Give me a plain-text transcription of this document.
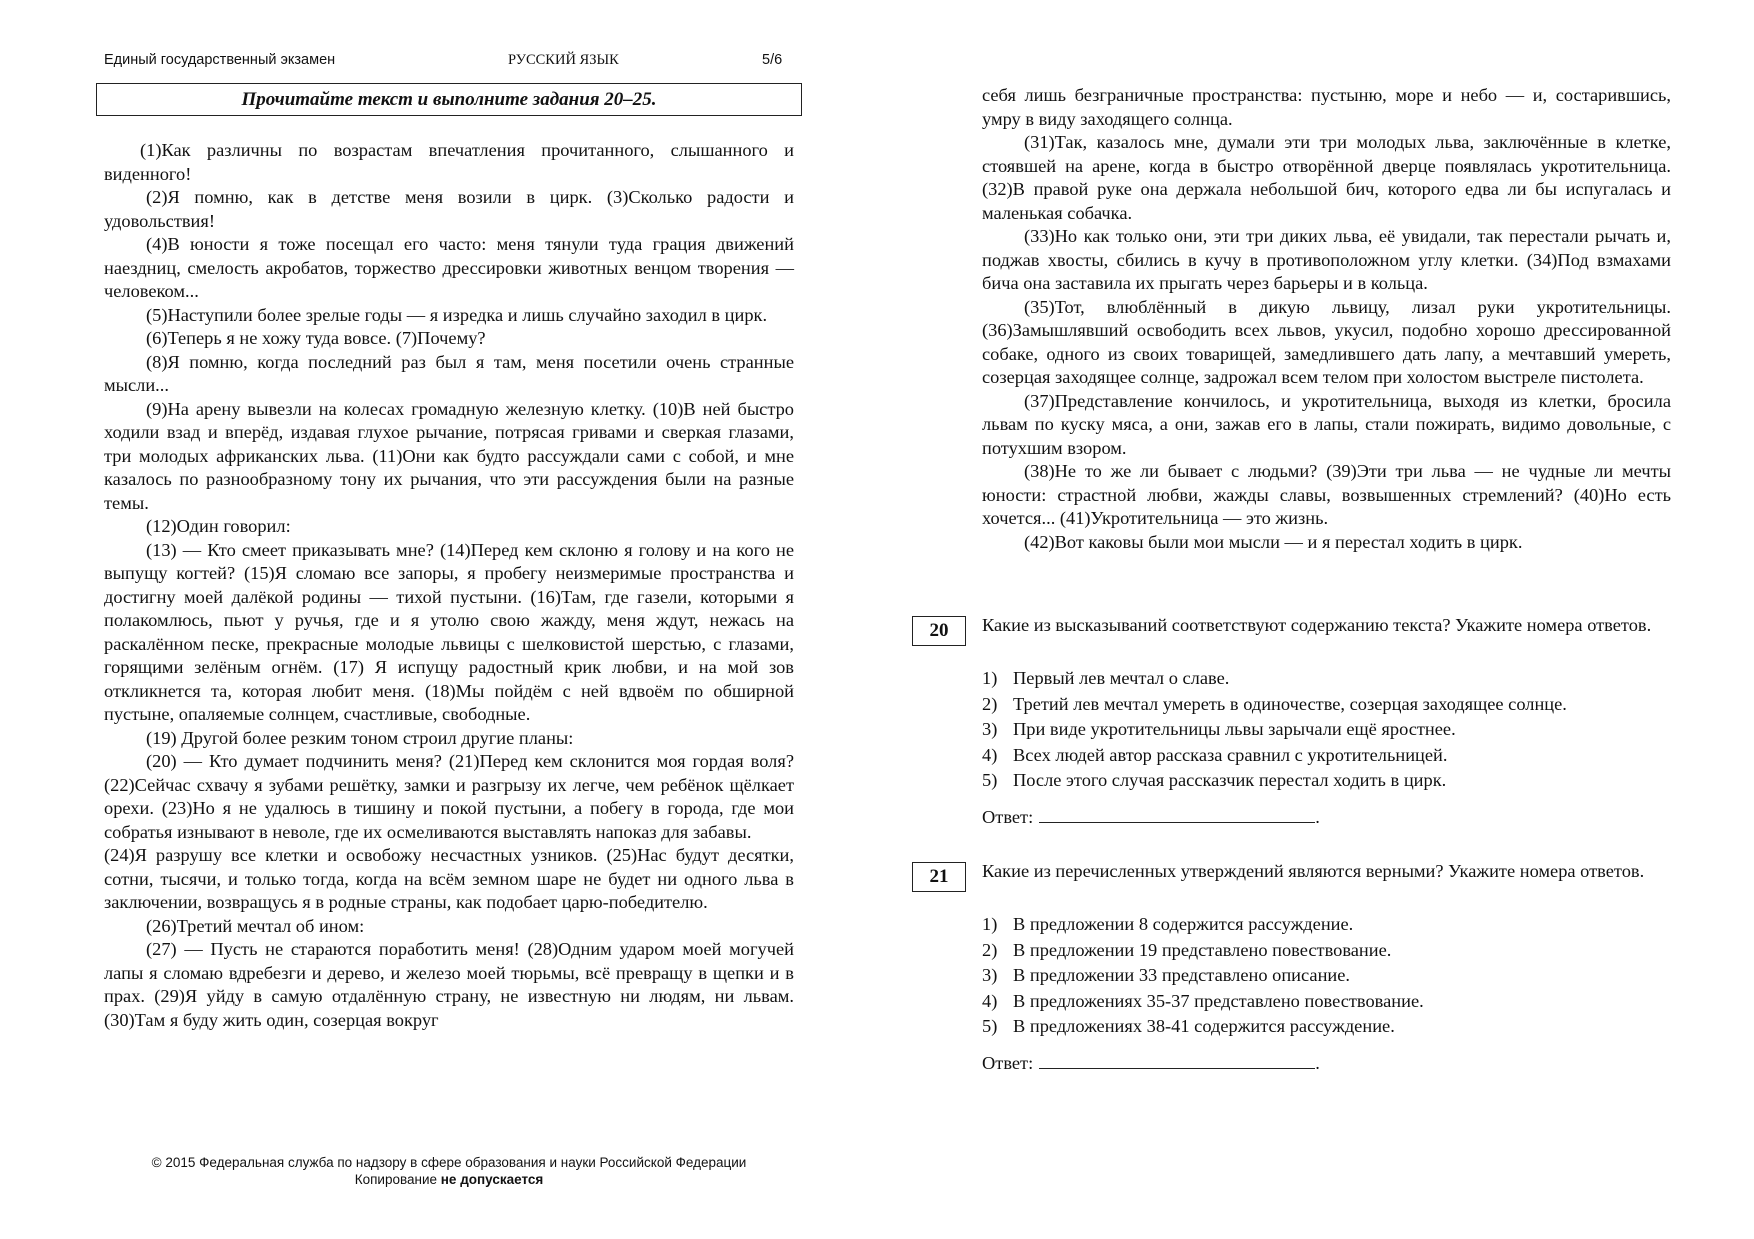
Единый государственный экзамен	РУССКИЙ ЯЗЫК	5/6
Прочитайте текст и выполните задания 20–25.

(1)Как различны по возрастам впечатления прочитанного, слышанного и виденного!

(2)Я помню, как в детстве меня возили в цирк. (3)Сколько радости и удовольствия!

(4)В юности я тоже посещал его часто: меня тянули туда грация движений наездниц, смелость акробатов, торжество дрессировки животных венцом творения — человеком...

(5)Наступили более зрелые годы — я изредка и лишь случайно заходил в цирк.

(6)Теперь я не хожу туда вовсе. (7)Почему?

(8)Я помню, когда последний раз был я там, меня посетили очень странные мысли...

(9)На арену вывезли на колесах громадную железную клетку. (10)В ней быстро ходили взад и вперёд, издавая глухое рычание, потрясая гривами и сверкая глазами, три молодых африканских льва. (11)Они как будто рассуждали сами с собой, и мне казалось по разнообразному тону их рычания, что эти рассуждения были на разные темы.

(12)Один говорил:

(13) — Кто смеет приказывать мне? (14)Перед кем склоню я голову и на кого не выпущу когтей? (15)Я сломаю все запоры, я пробегу неизмеримые пространства и достигну моей далёкой родины — тихой пустыни. (16)Там, где газели, которыми я полакомлюсь, пьют у ручья, где и я утолю свою жажду, меня ждут, нежась на раскалённом песке, прекрасные молодые львицы с шелковистой шерстью, с глазами, горящими зелёным огнём. (17) Я испущу радостный крик любви, и на мой зов откликнется та, которая любит меня. (18)Мы пойдём с ней вдвоём по обширной пустыне, опаляемые солнцем, счастливые, свободные.

(19) Другой более резким тоном строил другие планы:

(20) — Кто думает подчинить меня? (21)Перед кем склонится моя гордая воля? (22)Сейчас схвачу я зубами решётку, замки и разгрызу их легче, чем ребёнок щёлкает орехи. (23)Но я не удалюсь в тишину и покой пустыни, а побегу в города, где мои собратья изнывают в неволе, где их осмеливаются выставлять напоказ для забавы.

(24)Я разрушу все клетки и освобожу несчастных узников. (25)Нас будут десятки, сотни, тысячи, и только тогда, когда на всём земном шаре не будет ни одного льва в заключении, возвращусь я в родные страны, как подобает царю-победителю.

(26)Третий мечтал об ином:

(27) — Пусть не стараются поработить меня! (28)Одним ударом моей могучей лапы я сломаю вдребезги и дерево, и железо моей тюрьмы, всё превращу в щепки и в прах. (29)Я уйду в самую отдалённую страну, не известную ни людям, ни львам. (30)Там я буду жить один, созерцая вокруг

себя лишь безграничные пространства: пустыню, море и небо — и, состарившись, умру в виду заходящего солнца.

(31)Так, казалось мне, думали эти три молодых льва, заключённые в клетке, стоявшей на арене, когда в быстро отворённой дверце появлялась укротительница. (32)В правой руке она держала небольшой бич, которого едва ли бы испугалась и маленькая собачка.

(33)Но как только они, эти три диких льва, её увидали, так перестали рычать и, поджав хвосты, сбились в кучу в противоположном углу клетки. (34)Под взмахами бича она заставила их прыгать через барьеры и в кольца.

(35)Тот, влюблённый в дикую львицу, лизал руки укротительницы. (36)Замышлявший освободить всех львов, укусил, подобно хорошо дрессированной собаке, одного из своих товарищей, замедлившего дать лапу, а мечтавший умереть, созерцая заходящее солнце, задрожал всем телом при холостом выстреле пистолета.

(37)Представление кончилось, и укротительница, выходя из клетки, бросила львам по куску мяса, а они, зажав его в лапы, стали пожирать, видимо довольные, с потухшим взором.

(38)Не то же ли бывает с людьми? (39)Эти три льва — не чудные ли мечты юности: страстной любви, жажды славы, возвышенных стремлений? (40)Но есть хочется... (41)Укротительница — это жизнь.

(42)Вот каковы были мои мысли — и я перестал ходить в цирк.

20	Какие из высказываний соответствуют содержанию текста? Укажите номера ответов.
1) Первый лев мечтал о славе.
2) Третий лев мечтал умереть в одиночестве, созерцая заходящее солнце.
3) При виде укротительницы львы зарычали ещё яростнее.
4) Всех людей автор рассказа сравнил с укротительницей.
5) После этого случая рассказчик перестал ходить в цирк.
Ответ:	.
21	Какие из перечисленных утверждений являются верными? Укажите номера ответов.
1) В предложении 8 содержится рассуждение.
2) В предложении 19 представлено повествование.
3) В предложении 33 представлено описание.
4) В предложениях 35-37 представлено повествование.
5) В предложениях 38-41 содержится рассуждение.
Ответ:	.
© 2015 Федеральная служба по надзору в сфере образования и науки Российской Федерации
Копирование не допускается
